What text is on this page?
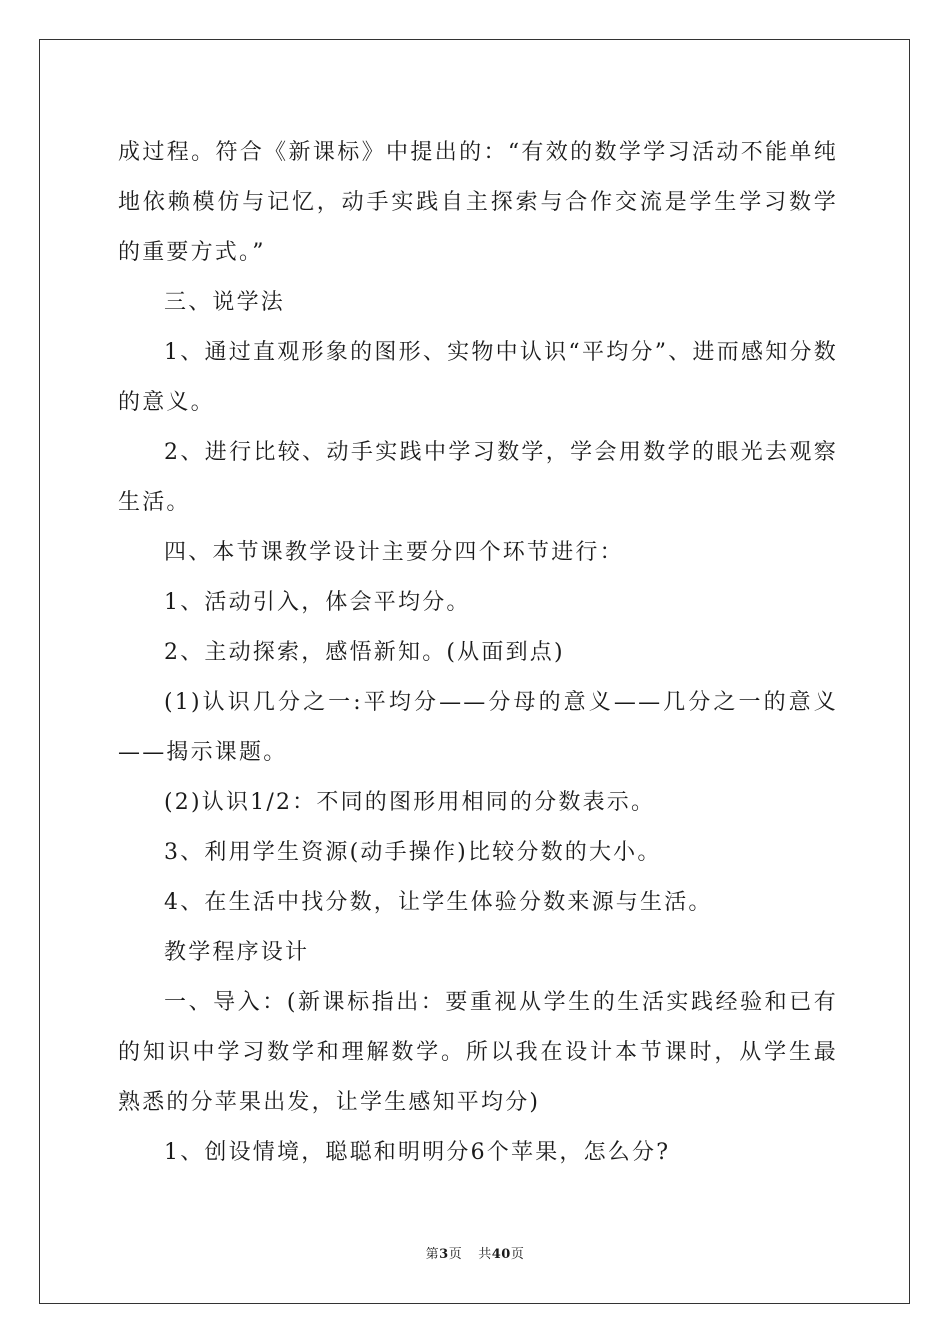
成过程。符合《新课标》中提出的：“有效的数学学习活动不能单纯地依赖模仿与记忆，动手实践自主探索与合作交流是学生学习数学的重要方式。”

三、说学法

1、通过直观形象的图形、实物中认识“平均分”、进而感知分数的意义。

2、进行比较、动手实践中学习数学，学会用数学的眼光去观察生活。

四、本节课教学设计主要分四个环节进行：

1、活动引入，体会平均分。

2、主动探索，感悟新知。(从面到点)

(1)认识几分之一:平均分——分母的意义——几分之一的意义——揭示课题。

(2)认识1/2：不同的图形用相同的分数表示。

3、利用学生资源(动手操作)比较分数的大小。

4、在生活中找分数，让学生体验分数来源与生活。

教学程序设计

一、导入：(新课标指出：要重视从学生的生活实践经验和已有的知识中学习数学和理解数学。所以我在设计本节课时，从学生最熟悉的分苹果出发，让学生感知平均分)

1、创设情境，聪聪和明明分6个苹果，怎么分?

第3页 共40页
